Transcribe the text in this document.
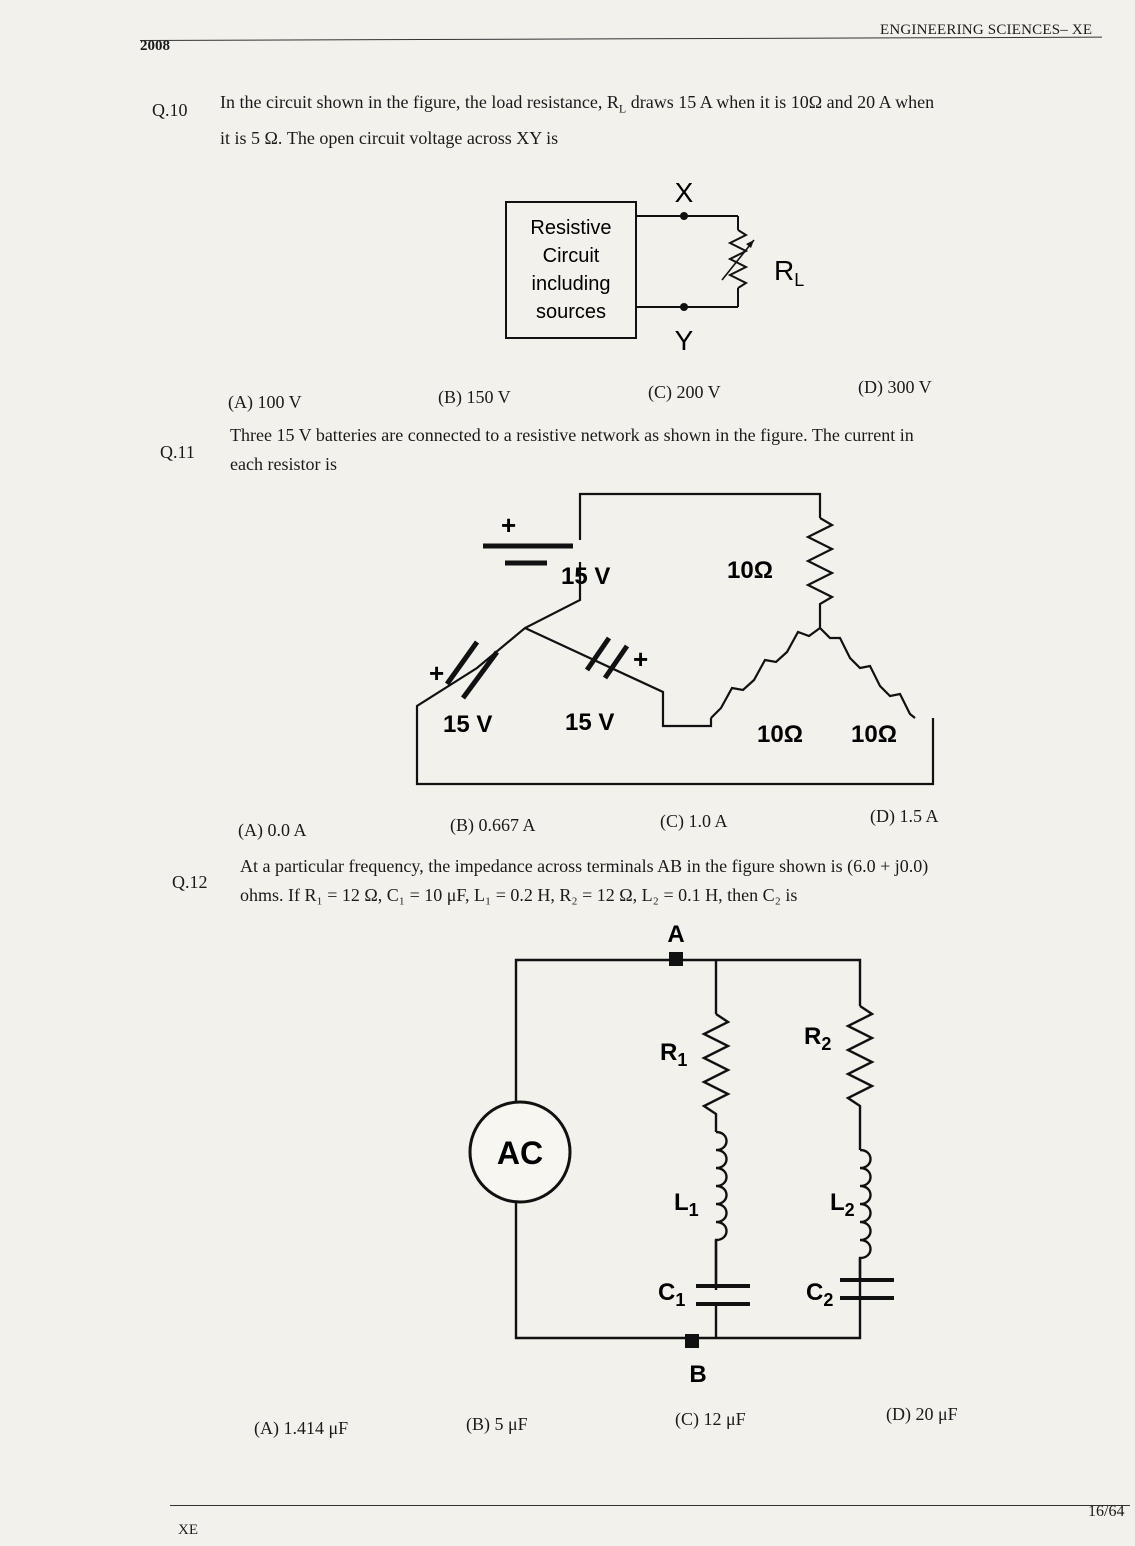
2008
ENGINEERING SCIENCES– XE
Q.10 In the circuit shown in the figure, the load resistance, $R_L$ draws 15 A when it is 10Ω and 20 A when
it is 5 Ω. The open circuit voltage across XY is
Resistive
Circuit
including
sources
X
Y
$R_L$
(A) 100 V	(B) 150 V	(C) 200 V	(D) 300 V
Q.11
Three 15 V batteries are connected to a resistive network as shown in the figure. The current in
each resistor is
+
+	+
15 V
15 V	15 V
10Ω
10Ω 10Ω
(A) 0.0 A	(B) 0.667 A	(C) 1.0 A	(D) 1.5 A
Q.12
At a particular frequency, the impedance across terminals AB in the figure shown is (6.0 + j0.0)
ohms. If R₁ = 12 Ω, C₁ = 10 μF, L₁ = 0.2 H, R₂ = 12 Ω, L₂ = 0.1 H, then C₂ is
AC
A
B
$R_1$
$R_2$
$L_1$	$L_2$
$C_1$	$C_2$
(A) 1.414 μF	(B) 5 μF	(C) 12 μF	(D) 20 μF
XE
16/64
